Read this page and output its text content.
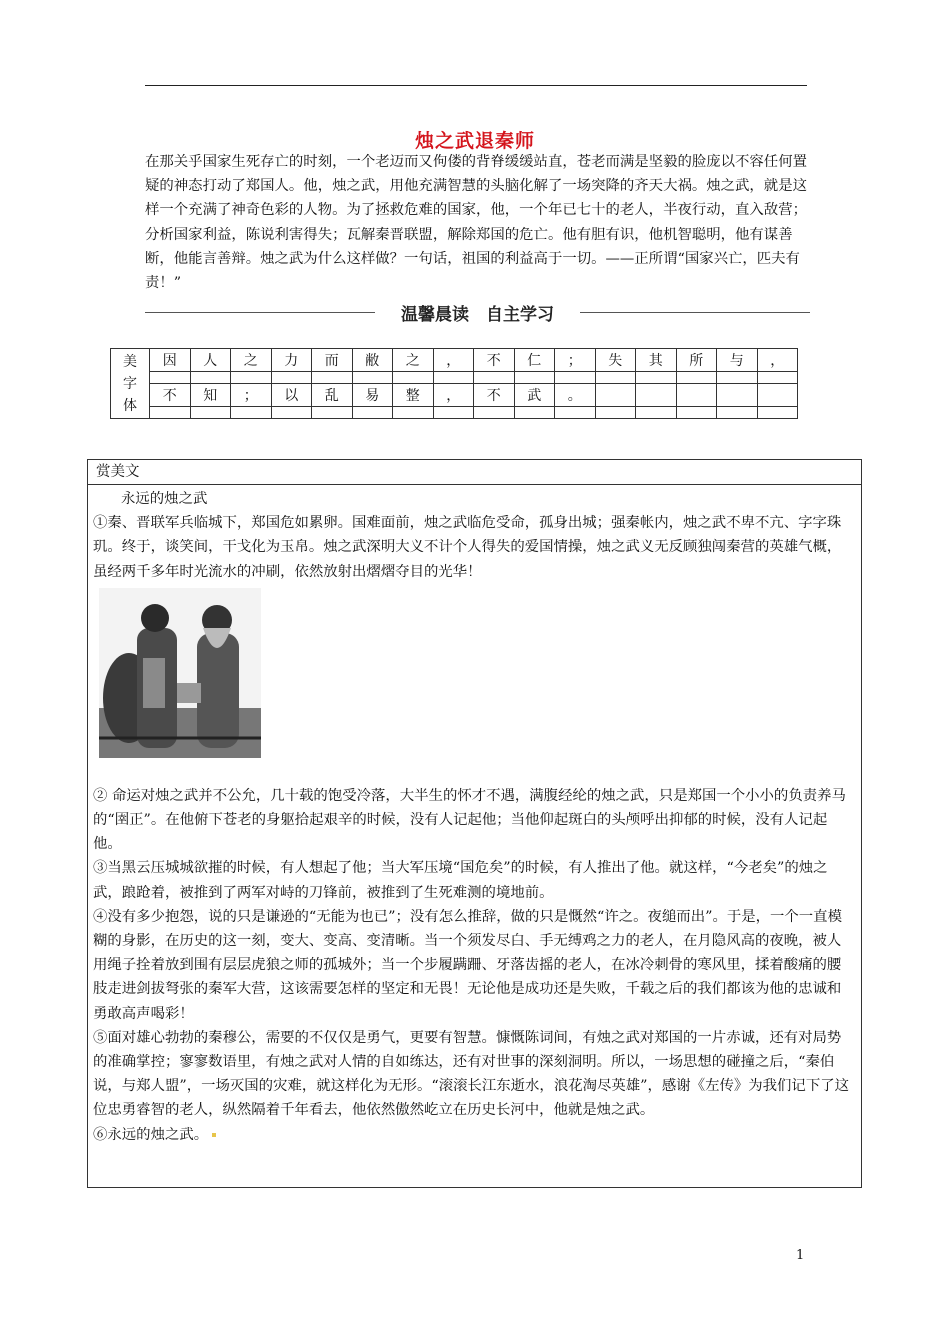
烛之武退秦师

在那关乎国家生死存亡的时刻，一个老迈而又佝偻的背脊缓缓站直，苍老而满是坚毅的脸庞以不容任何置疑的神态打动了郑国人。他，烛之武，用他充满智慧的头脑化解了一场突降的齐天大祸。烛之武，就是这样一个充满了神奇色彩的人物。为了拯救危难的国家，他，一个年已七十的老人，半夜行动，直入敌营；分析国家利益，陈说利害得失；瓦解秦晋联盟，解除郑国的危亡。他有胆有识，他机智聪明，他有谋善断，他能言善辩。烛之武为什么这样做？一句话，祖国的利益高于一切。——正所谓“国家兴亡，匹夫有责！”

温馨晨读　自主学习
美
字
体	因	人	之	力	而	敝	之	，	不	仁	；	失	其	所	与	，

	不	知	；	以	乱	易	整	，	不	武	。					

赏美文

永远的烛之武

①秦、晋联军兵临城下，郑国危如累卵。国难面前，烛之武临危受命，孤身出城；强秦帐内，烛之武不卑不亢、字字珠玑。终于，谈笑间，干戈化为玉帛。烛之武深明大义不计个人得失的爱国情操，烛之武义无反顾独闯秦营的英雄气概，虽经两千多年时光流水的冲刷，依然放射出熠熠夺目的光华！

② 命运对烛之武并不公允，几十载的饱受冷落，大半生的怀才不遇，满腹经纶的烛之武，只是郑国一个小小的负责养马的“圉正”。在他俯下苍老的身躯拾起艰辛的时候，没有人记起他；当他仰起斑白的头颅呼出抑郁的时候，没有人记起他。

③当黑云压城城欲摧的时候，有人想起了他；当大军压境“国危矣”的时候，有人推出了他。就这样，“今老矣”的烛之武，踉跄着，被推到了两军对峙的刀锋前，被推到了生死难测的境地前。

④没有多少抱怨，说的只是谦逊的“无能为也已”；没有怎么推辞，做的只是慨然“许之。夜缒而出”。于是，一个一直模糊的身影，在历史的这一刻，变大、变高、变清晰。当一个须发尽白、手无缚鸡之力的老人，在月隐风高的夜晚，被人用绳子拴着放到围有层层虎狼之师的孤城外；当一个步履蹒跚、牙落齿摇的老人，在冰冷刺骨的寒风里，揉着酸痛的腰肢走进剑拔弩张的秦军大营，这该需要怎样的坚定和无畏！无论他是成功还是失败，千载之后的我们都该为他的忠诚和勇敢高声喝彩！

⑤面对雄心勃勃的秦穆公，需要的不仅仅是勇气，更要有智慧。慷慨陈词间，有烛之武对郑国的一片赤诚，还有对局势的准确掌控；寥寥数语里，有烛之武对人情的自如练达，还有对世事的深刻洞明。所以，一场思想的碰撞之后，“秦伯说，与郑人盟”，一场灭国的灾难，就这样化为无形。“滚滚长江东逝水，浪花淘尽英雄”，感谢《左传》为我们记下了这位忠勇睿智的老人，纵然隔着千年看去，他依然傲然屹立在历史长河中，他就是烛之武。

⑥永远的烛之武。

1
